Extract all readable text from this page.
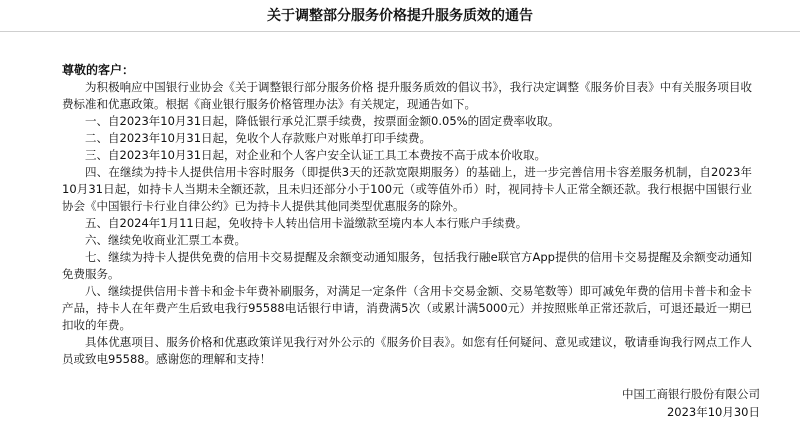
关于调整部分服务价格提升服务质效的通告

尊敬的客户：

为积极响应中国银行业协会《关于调整银行部分服务价格 提升服务质效的倡议书》，我行决定调整《服务价目表》中有关服务项目收费标准和优惠政策。根据《商业银行服务价格管理办法》有关规定，现通告如下。

一、自2023年10月31日起，降低银行承兑汇票手续费，按票面金额0.05%的固定费率收取。

二、自2023年10月31日起，免收个人存款账户对账单打印手续费。

三、自2023年10月31日起，对企业和个人客户安全认证工具工本费按不高于成本价收取。

四、在继续为持卡人提供信用卡容时服务（即提供3天的还款宽限期服务）的基础上，进一步完善信用卡容差服务机制，自2023年10月31日起，如持卡人当期未全额还款，且未归还部分小于100元（或等值外币）时，视同持卡人正常全额还款。我行根据中国银行业协会《中国银行卡行业自律公约》已为持卡人提供其他同类型优惠服务的除外。

五、自2024年1月11日起，免收持卡人转出信用卡溢缴款至境内本人本行账户手续费。

六、继续免收商业汇票工本费。

七、继续为持卡人提供免费的信用卡交易提醒及余额变动通知服务，包括我行融e联官方App提供的信用卡交易提醒及余额变动通知免费服务。

八、继续提供信用卡普卡和金卡年费补刷服务，对满足一定条件（含用卡交易金额、交易笔数等）即可减免年费的信用卡普卡和金卡产品，持卡人在年费产生后致电我行95588电话银行申请，消费满5次（或累计满5000元）并按照账单正常还款后，可退还最近一期已扣收的年费。

具体优惠项目、服务价格和优惠政策详见我行对外公示的《服务价目表》。如您有任何疑问、意见或建议，敬请垂询我行网点工作人员或致电95588。感谢您的理解和支持！

中国工商银行股份有限公司
2023年10月30日
